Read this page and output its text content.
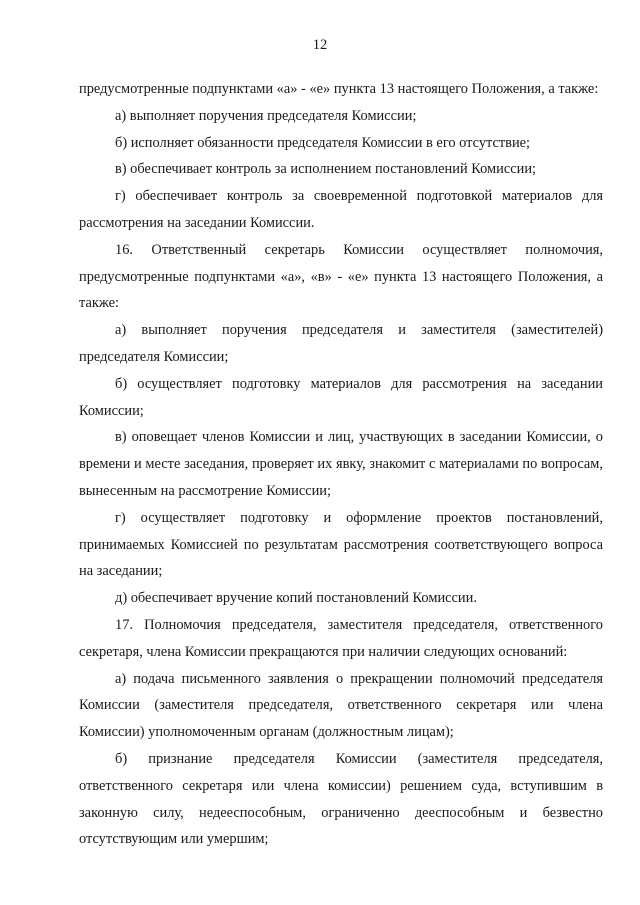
12

предусмотренные подпунктами «а» - «е» пункта 13 настоящего Положения, а также:

а) выполняет поручения председателя Комиссии;

б) исполняет обязанности председателя Комиссии в его отсутствие;

в) обеспечивает контроль за исполнением постановлений Комиссии;

г) обеспечивает контроль за своевременной подготовкой материалов для рассмотрения на заседании Комиссии.

16. Ответственный секретарь Комиссии осуществляет полномочия, предусмотренные подпунктами «а», «в» - «е» пункта 13 настоящего Положения, а также:

а) выполняет поручения председателя и заместителя (заместителей) председателя Комиссии;

б) осуществляет подготовку материалов для рассмотрения на заседании Комиссии;

в) оповещает членов Комиссии и лиц, участвующих в заседании Комиссии, о времени и месте заседания, проверяет их явку, знакомит с материалами по вопросам, вынесенным на рассмотрение Комиссии;

г) осуществляет подготовку и оформление проектов постановлений, принимаемых Комиссией по результатам рассмотрения соответствующего вопроса на заседании;

д) обеспечивает вручение копий постановлений Комиссии.

17. Полномочия председателя, заместителя председателя, ответственного секретаря, члена Комиссии прекращаются при наличии следующих оснований:

а) подача письменного заявления о прекращении полномочий председателя Комиссии (заместителя председателя, ответственного секретаря или члена Комиссии) уполномоченным органам (должностным лицам);

б) признание председателя Комиссии (заместителя председателя, ответственного секретаря или члена комиссии) решением суда, вступившим в законную силу, недееспособным, ограниченно дееспособным и безвестно отсутствующим или умершим;
